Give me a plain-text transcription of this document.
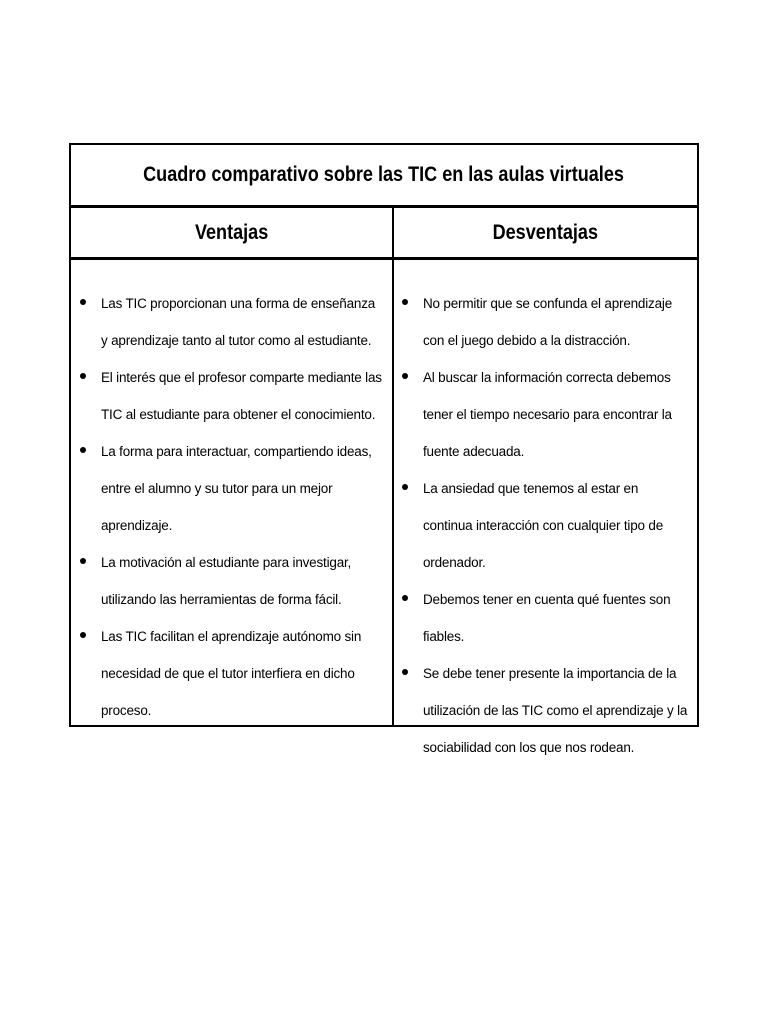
Cuadro comparativo sobre las TIC en las aulas virtuales
Ventajas	Desventajas
Las TIC proporcionan una forma de enseñanza y aprendizaje tanto al tutor como al estudiante.
El interés que el profesor comparte mediante las TIC al estudiante para obtener el conocimiento.
La forma para interactuar, compartiendo ideas, entre el alumno y su tutor para un mejor aprendizaje.
La motivación al estudiante para investigar, utilizando las herramientas de forma fácil.
Las TIC facilitan el aprendizaje autónomo sin necesidad de que el tutor interfiera en dicho proceso.
No permitir que se confunda el aprendizaje con el juego debido a la distracción.
Al buscar la información correcta debemos tener el tiempo necesario para encontrar la fuente adecuada.
La ansiedad que tenemos al estar en continua interacción con cualquier tipo de ordenador.
Debemos tener en cuenta qué fuentes son fiables.
Se debe tener presente la importancia de la utilización de las TIC como el aprendizaje y la sociabilidad con los que nos rodean.
